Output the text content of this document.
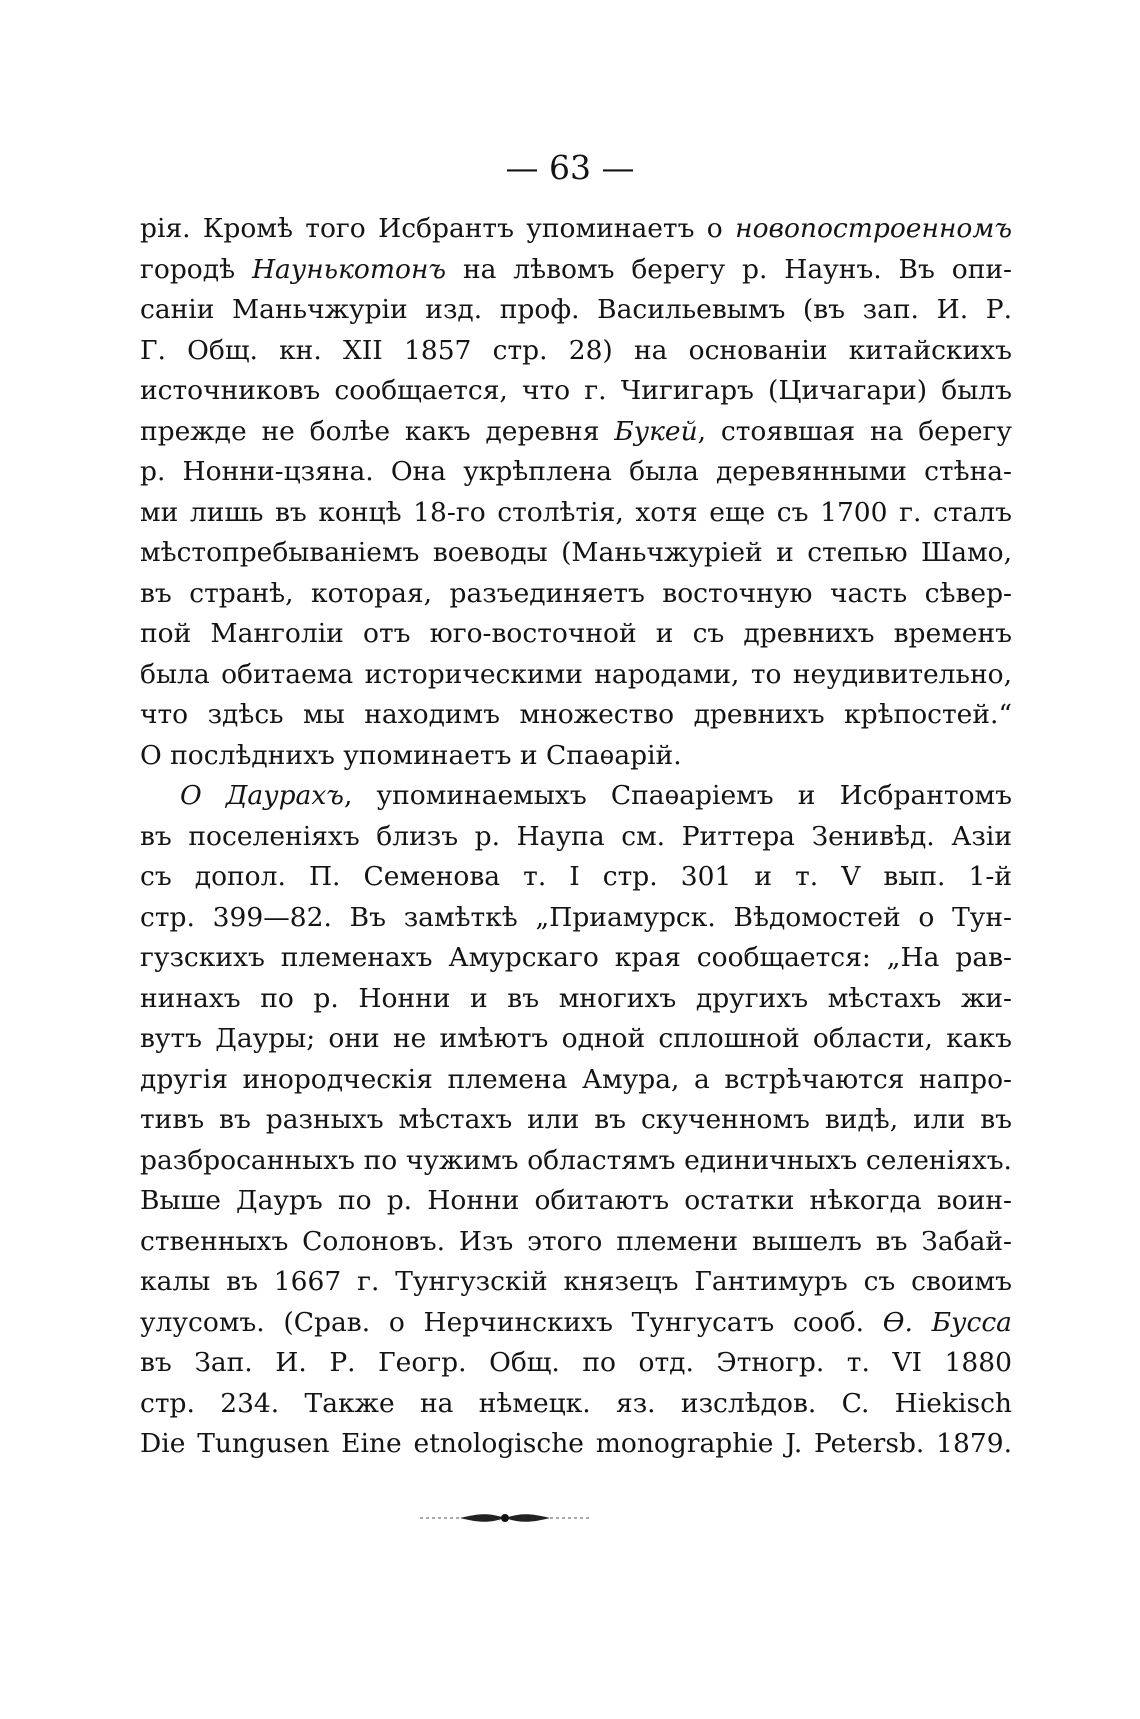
— 63 —
рія. Кромѣ того Исбрантъ упоминаетъ о новопостроенномъ
городѣ Наунькотонъ на лѣвомъ берегу р. Наунъ. Въ опи-
саніи Маньчжуріи изд. проф. Васильевымъ (въ зап. И. Р.
Г. Общ. кн. XII 1857 стр. 28) на основаніи китайскихъ
источниковъ сообщается, что г. Чигигаръ (Цичагари) былъ
прежде не болѣе какъ деревня Букей, стоявшая на берегу
р. Нонни-цзяна. Она укрѣплена была деревянными стѣна-
ми лишь въ концѣ 18-го столѣтія, хотя еще съ 1700 г. сталъ
мѣстопребываніемъ воеводы (Маньчжуріей и степью Шамо,
въ странѣ, которая, разъединяетъ восточную часть сѣвер-
пой Манголіи отъ юго-восточной и съ древнихъ временъ
была обитаема историческими народами, то неудивительно,
что здѣсь мы находимъ множество древнихъ крѣпостей.“
О послѣднихъ упоминаетъ и Спаѳарій.
О Даурахъ, упоминаемыхъ Спаѳаріемъ и Исбрантомъ
въ поселеніяхъ близъ р. Наупа см. Риттера Зенивѣд. Азіи
съ допол. П. Семенова т. I стр. 301 и т. V вып. 1-й
стр. 399—82. Въ замѣткѣ „Приамурск. Вѣдомостей о Тун-
гузскихъ племенахъ Амурскаго края сообщается: „На рав-
нинахъ по р. Нонни и въ многихъ другихъ мѣстахъ жи-
вутъ Дауры; они не имѣютъ одной сплошной области, какъ
другія инородческія племена Амура, а встрѣчаются напро-
тивъ въ разныхъ мѣстахъ или въ скученномъ видѣ, или въ
разбросанныхъ по чужимъ областямъ единичныхъ селеніяхъ.
Выше Дауръ по р. Нонни обитаютъ остатки нѣкогда воин-
ственныхъ Солоновъ. Изъ этого племени вышелъ въ Забай-
калы въ 1667 г. Тунгузскій князецъ Гантимуръ съ своимъ
улусомъ. (Срав. о Нерчинскихъ Тунгусатъ сооб. Ѳ. Бусса
въ Зап. И. Р. Геогр. Общ. по отд. Этногр. т. VI 1880
стр. 234. Также на нѣмецк. яз. изслѣдов. C. Hiekisch
Die Tungusen Eine etnologische monographie J. Petersb. 1879.
